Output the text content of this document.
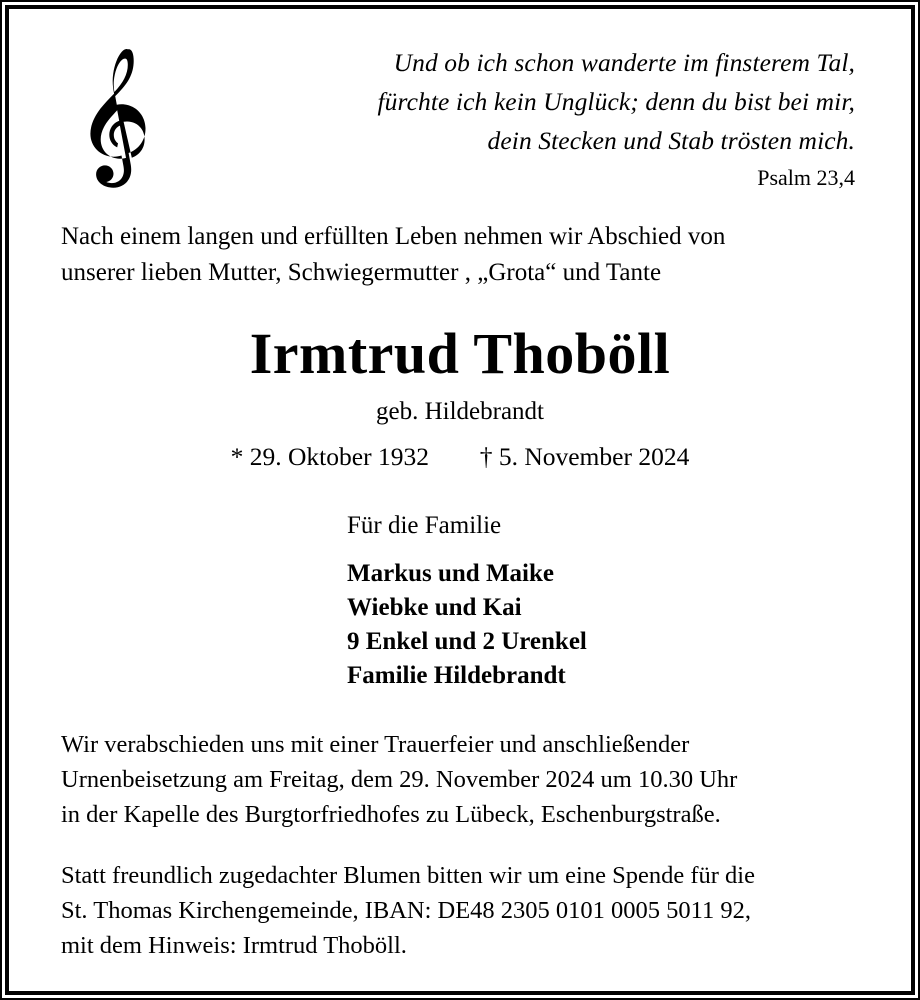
Und ob ich schon wanderte im finsterem Tal,
fürchte ich kein Unglück; denn du bist bei mir,
dein Stecken und Stab trösten mich.
Psalm 23,4
Nach einem langen und erfüllten Leben nehmen wir Abschied von
unserer lieben Mutter, Schwiegermutter , „Grota“ und Tante
Irmtrud Thoböll
geb. Hildebrandt
* 29. Oktober 1932 † 5. November 2024
Für die Familie
Markus und Maike
Wiebke und Kai
9 Enkel und 2 Urenkel
Familie Hildebrandt
Wir verabschieden uns mit einer Trauerfeier und anschließender
Urnenbeisetzung am Freitag, dem 29. November 2024 um 10.30 Uhr
in der Kapelle des Burgtorfriedhofes zu Lübeck, Eschenburgstraße.
Statt freundlich zugedachter Blumen bitten wir um eine Spende für die
St. Thomas Kirchengemeinde, IBAN: DE48 2305 0101 0005 5011 92,
mit dem Hinweis: Irmtrud Thoböll.
